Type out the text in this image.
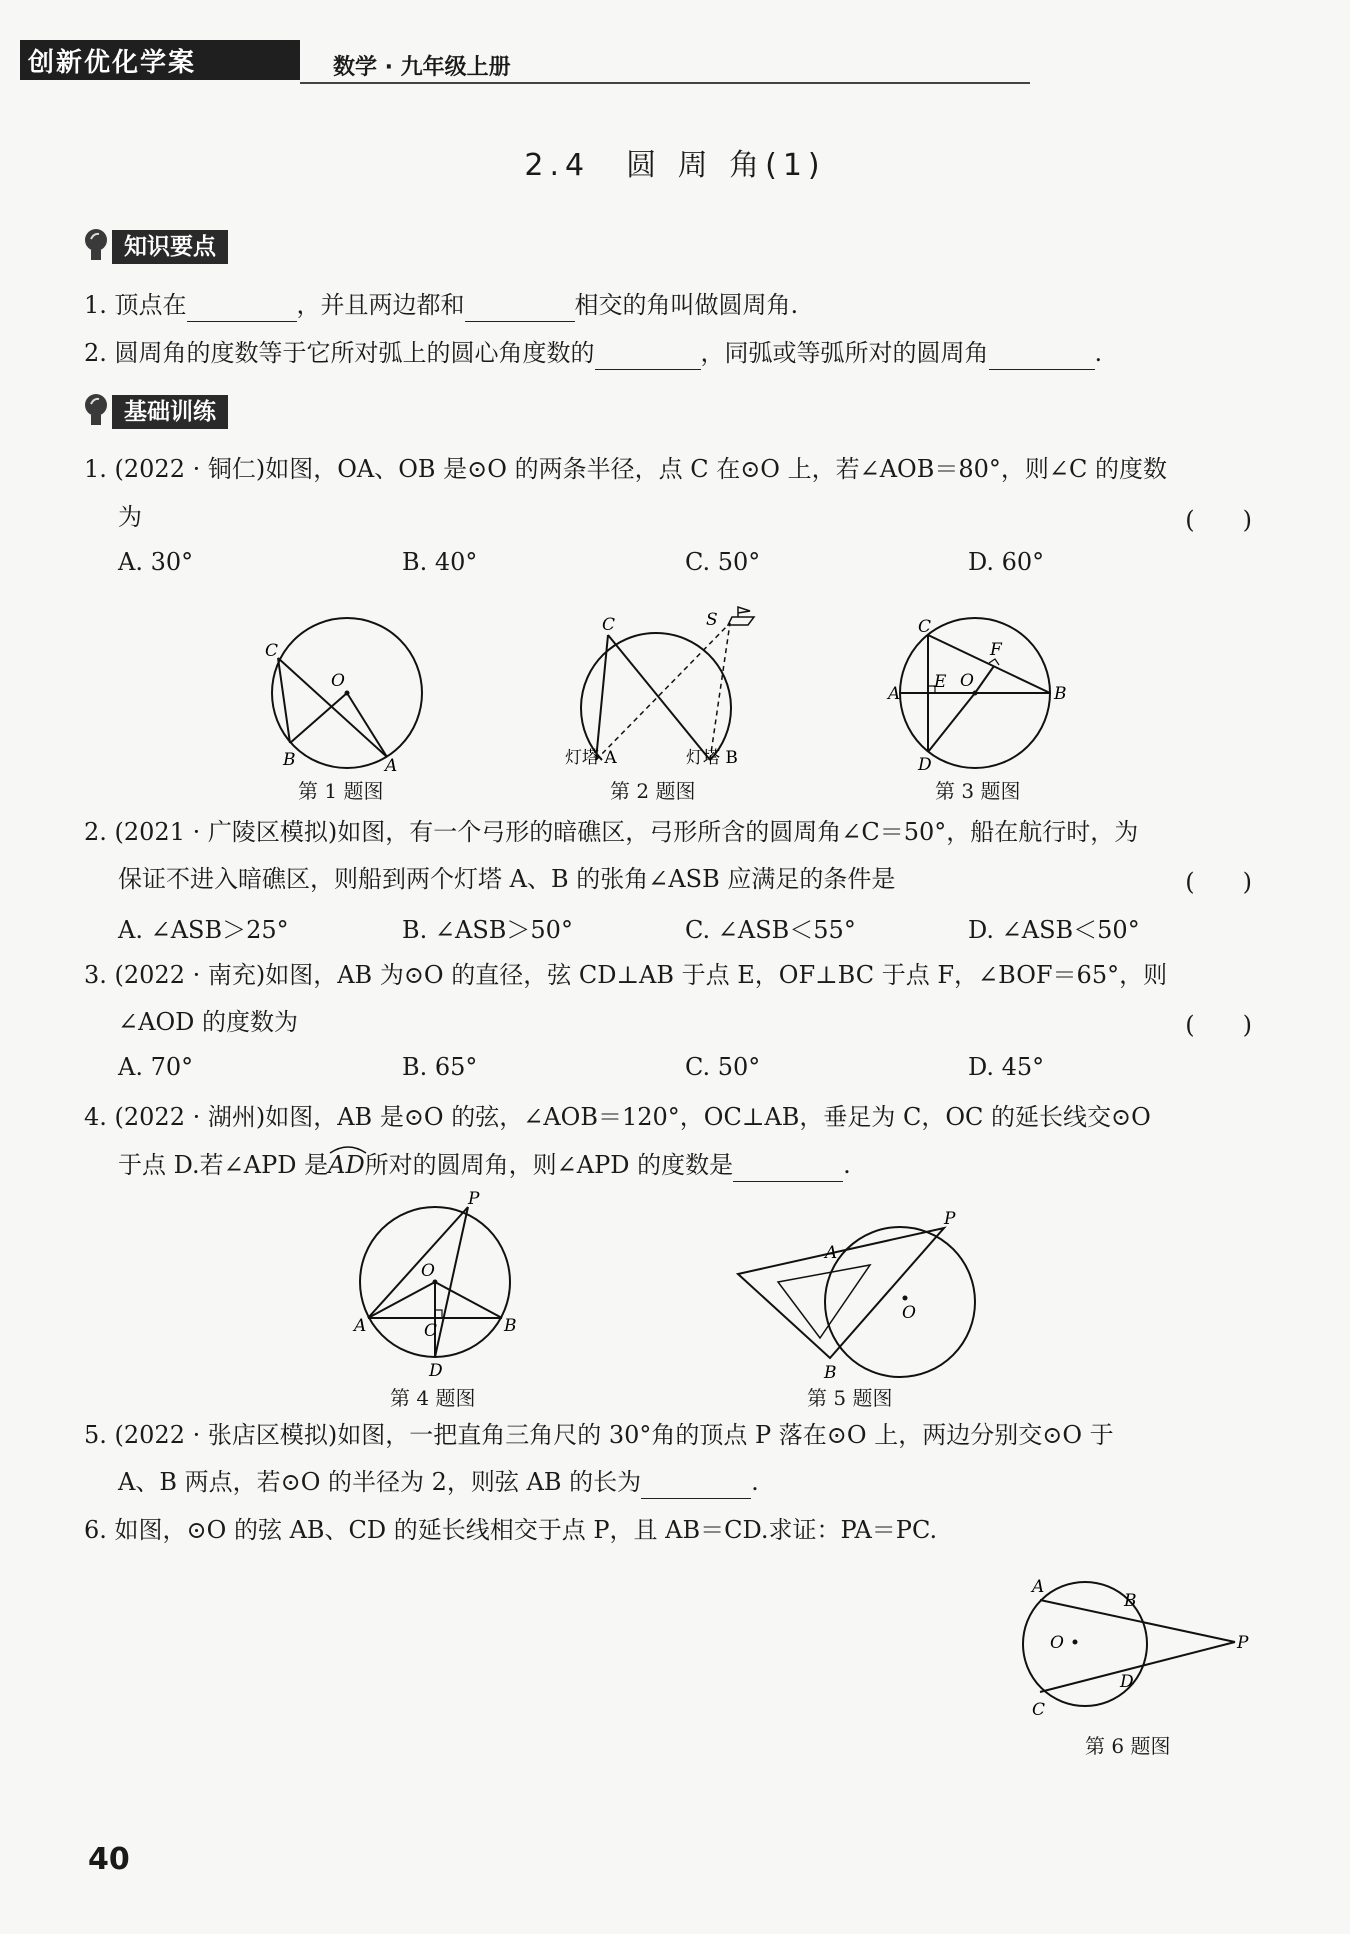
创新优化学案	数学 · 九年级上册
2.4　圆 周 角(1)
知识要点
1. 顶点在	，并且两边都和	相交的角叫做圆周角.
2. 圆周角的度数等于它所对弧上的圆心角度数的	，同弧或等弧所对的圆周角	.
基础训练
1. (2022 · 铜仁)如图，OA、OB 是⊙O 的两条半径，点 C 在⊙O 上，若∠AOB＝80°，则∠C 的度数
为	(　　)
A. 30°	B. 40°	C. 50°	D. 60°
C
O
B	A
第 1 题图
C	S
灯塔 A	灯塔 B
第 2 题图
C
F
E O
A	B
D
第 3 题图
2. (2021 · 广陵区模拟)如图，有一个弓形的暗礁区，弓形所含的圆周角∠C＝50°，船在航行时，为
保证不进入暗礁区，则船到两个灯塔 A、B 的张角∠ASB 应满足的条件是	(　　)
A. ∠ASB＞25°	B. ∠ASB＞50°	C. ∠ASB＜55°	D. ∠ASB＜50°
3. (2022 · 南充)如图，AB 为⊙O 的直径，弦 CD⊥AB 于点 E，OF⊥BC 于点 F，∠BOF＝65°，则
∠AOD 的度数为	(　　)
A. 70°	B. 65°	C. 50°	D. 45°
4. (2022 · 湖州)如图，AB 是⊙O 的弦，∠AOB＝120°，OC⊥AB，垂足为 C，OC 的延长线交⊙O
于点 D.若∠APD 是
AD所对的圆周角，则∠APD 的度数是	.
P
O
A	C	B
D
第 4 题图
P
A
O
B
第 5 题图
5. (2022 · 张店区模拟)如图，一把直角三角尺的 30°角的顶点 P 落在⊙O 上，两边分别交⊙O 于
A、B 两点，若⊙O 的半径为 2，则弦 AB 的长为	.
6. 如图，⊙O 的弦 AB、CD 的延长线相交于点 P，且 AB＝CD.求证：PA＝PC.
A
B
O	P
D
C
第 6 题图
40
